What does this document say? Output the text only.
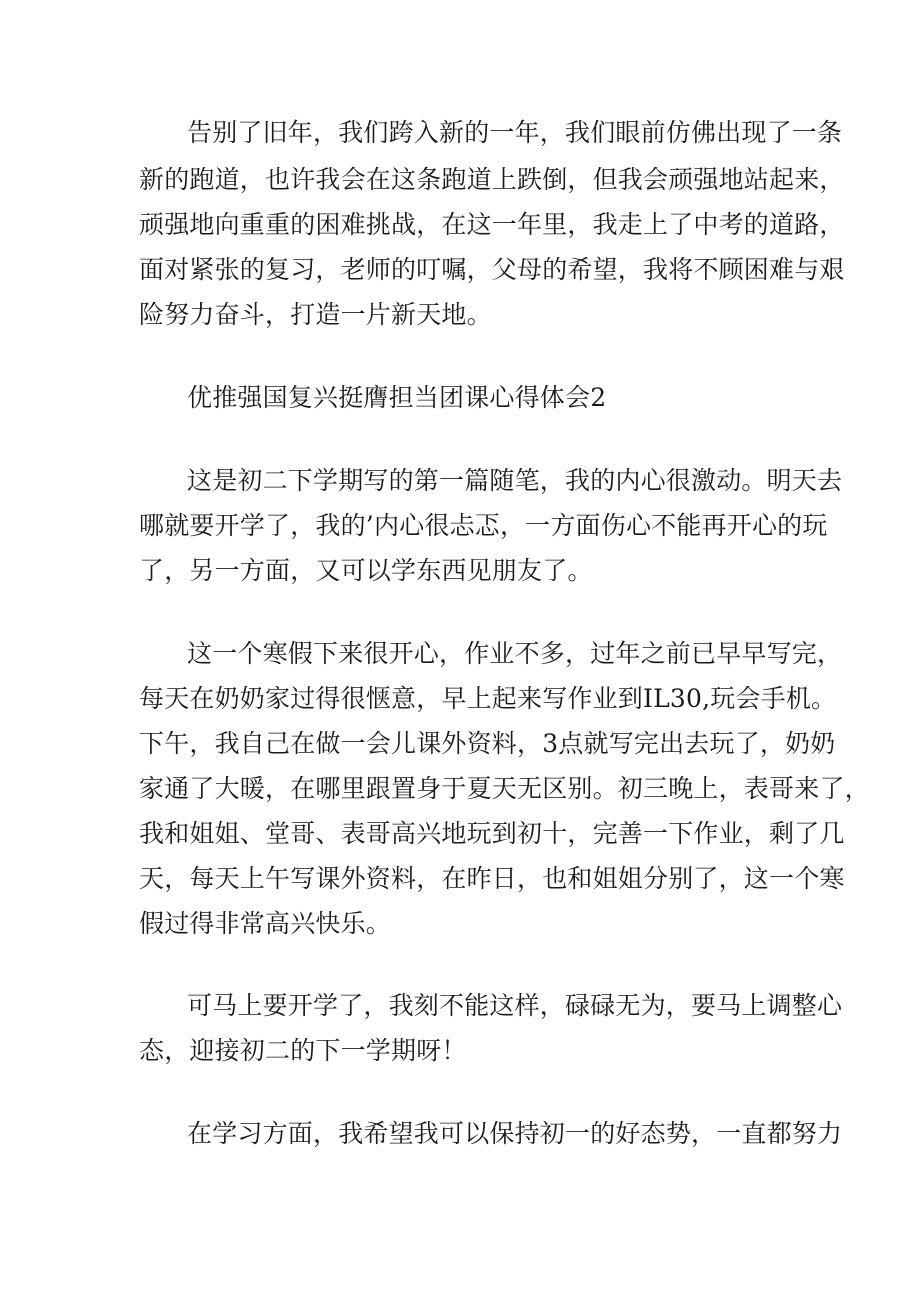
告别了旧年，我们跨入新的一年，我们眼前仿佛出现了一条

新的跑道，也许我会在这条跑道上跌倒，但我会顽强地站起来，

顽强地向重重的困难挑战，在这一年里，我走上了中考的道路，

面对紧张的复习，老师的叮嘱，父母的希望，我将不顾困难与艰

险努力奋斗，打造一片新天地。

优推强国复兴挺膺担当团课心得体会2

这是初二下学期写的第一篇随笔，我的内心很激动。明天去

哪就要开学了，我的’内心很忐忑，一方面伤心不能再开心的玩

了，另一方面，又可以学东西见朋友了。

这一个寒假下来很开心，作业不多，过年之前已早早写完，

每天在奶奶家过得很惬意，早上起来写作业到IL30,玩会手机。

下午，我自己在做一会儿课外资料，3点就写完出去玩了，奶奶

家通了大暖，在哪里跟置身于夏天无区别。初三晚上，表哥来了，

我和姐姐、堂哥、表哥高兴地玩到初十，完善一下作业，剩了几

天，每天上午写课外资料，在昨日，也和姐姐分别了，这一个寒

假过得非常高兴快乐。

可马上要开学了，我刻不能这样，碌碌无为，要马上调整心

态，迎接初二的下一学期呀！

在学习方面，我希望我可以保持初一的好态势，一直都努力
